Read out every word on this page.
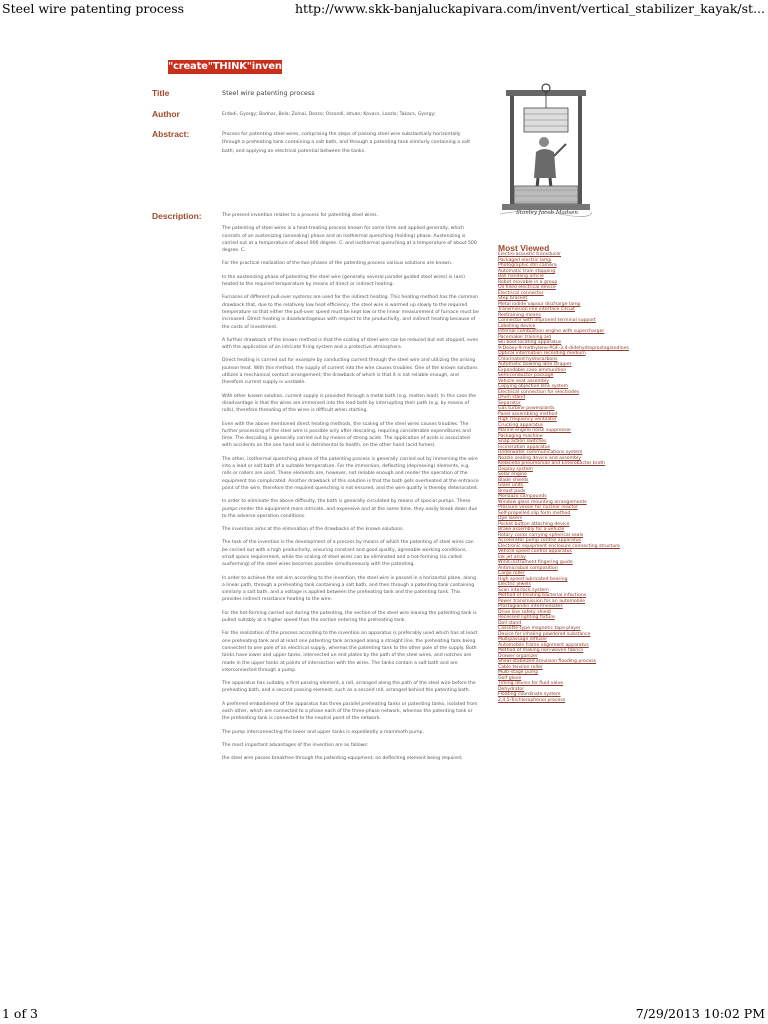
Steel wire patenting process	http://www.skk-banjaluckapivara.com/invent/vertical_stabilizer_kayak/st...
"create"THINK"invent"
Title	Steel wire patenting process
Author	Erdodi, Gyorgy; Bodnar, Bela; Zolnai, Dezso; Osrondi, Istvan; Kovacs, Laszlo; Takacs, Gyorgy;
Abstract:	Process for patenting steel wires, comprising the steps of passing steel wire substantially horizontally through a preheating tank containing a salt bath, and through a patenting tank similarly containing a salt bath; and applying an electrical potential between the tanks.
Description:	The present invention relates to a process for patenting steel wires.

The patenting of steel wires is a heat-treating process known for some time and applied generally, which consists of an austenizing (annealing) phase and an isothermal quenching (holding) phase. Austenizing is carried out at a temperature of about 900 degree. C. and isothermal quenching at a temperature of about 500 degree. C.

For the practical realization of the two phases of the patenting process various solutions are known.

In the austenizing phase of patenting the steel wire (generally several parallel guided steel wires) is (are) heated to the required temperature by means of direct or indirect heating.

Furnaces of different pull-over systems are used for the indirect heating. This heating method has the common drawback that, due to the relatively low heat efficiency, the steel wire is warmed up slowly to the required temperature so that either the pull-over speed must be kept low or the linear measurement of furnace must be increased. Direct heating is disadvantageous with respect to the productivity, and indirect heating because of the costs of investment.

A further drawback of the known method is that the scaling of steel wire can be reduced but not stopped, even with the application of an intricate firing system and a protective atmosphere.

Direct heating is carried out for example by conducting current through the steel wire and utilizing the arising Joulean heat. With this method, the supply of current into the wire causes troubles. One of the known solutions utilizes a mechanical contact arrangement; the drawback of which is that it is not reliable enough, and therefore current supply is unstable.

With other known solution, current supply is provided through a metal bath (e.g. molten lead). In this case the disadvantage is that the wires are immersed into the lead bath by interrupting their path (e.g. by means of rolls), therefore threading of the wires is difficult when starting.

Even with the above mentioned direct heating methods, the scaling of the steel wires causes troubles. The further processing of the steel wire is possible only after descaling, requiring considerable expenditures and time. The descaling is generally carried out by means of strong acids. The application of acids is associated with accidents on the one hand and is detrimental to health, on the other hand (acid fumes).

The other, isothermal quenching phase of the patenting process is generally carried out by immersing the wire into a lead or salt bath of a suitable temperature. For the immersion, deflecting (depressing) elements, e.g. rolls or rollers are used. These elements are, however, not reliable enough and render the operation of the equipment too complicated. Another drawback of this solution is that the bath gets overheated at the entrance point of the wire, therefore the required quenching is not ensured, and the wire quality is thereby deteriorated.

In order to eliminate the above difficulty, the bath is generally circulated by means of special pumps. These pumps render the equipment more intricate, and expensive and at the same time, they easily break down due to the adverse operation conditions.

The invention aims at the elimination of the drawbacks of the known solutions.

The task of the invention is the development of a process by means of which the patenting of steel wires can be carried out with a high productivity, ensuring constant and good quality, agreeable working conditions, small space requirement, while the scaling of steel wires can be eliminated and a hot-forming (so called ausforming) of the steel wires becomes possible simultaneously with the patenting.

In order to achieve the set aim according to the invention, the steel wire is passed in a horizontal plane, along a linear path, through a preheating tank containing a salt bath, and then through a patenting tank containing similarly a salt bath, and a voltage is applied between the preheating tank and the patenting tank. This provides indirect resistance heating to the wire.

For the hot-forming carried out during the patenting, the section of the steel wire leaving the patenting tank is pulled suitably at a higher speed than the section entering the preheating tank.

For the realization of the process according to the invention an apparatus is preferably used which has at least one preheating tank and at least one patenting tank arranged along a straight line, the preheating tank being connected to one pole of an electrical supply, whereas the patenting tank to the other pole of the supply. Both tanks have lower and upper tanks, intersected on end plates by the path of the steel wires, and notches are made in the upper tanks at points of intersection with the wires. The tanks contain a salt bath and are interconnected through a pump.

The apparatus has suitably a first passing element, a roll, arranged along the path of the steel wire before the preheating bath, and a second passing element, such as a second roll, arranged behind the patenting bath.

A preferred embodiment of the apparatus has three parallel preheating tanks or patenting tanks, isolated from each other, which are connected to a phase each of the three-phase network, whereas the patenting tank or the preheating tank is connected to the neutral point of the network.

The pump interconnecting the lower and upper tanks is expediently a mammoth pump.

The most important advantages of the invention are as follows:

the steel wire passes breakfree through the patenting equipment, no deflecting element being required;

Stanley Jacob Madsen
Most Viewed
Electro-acoustic transducer
Packaged electric lamp
Photographic still camera
Automatic train stopping
Ball handling article
Robot movable in a group
Oil filled electrical device
Electrical connector
Step bracket
Metal iodide vapour discharge lamp
Transmission line interface circuit
Restraining means
Connector with improved terminal support
Labelling device
Internal combustion engine with supercharger
Pacemaker training aid
Ski boot locating apparatus
9-Deoxy-9-methylene-PGF-3,4-didehydroprostaglandines
Optical information recording medium
Chlorinated hydrocarbons
Automatic bowling lane stripper
Expandable case ammunition
Semiconductor package
Vehicle seat assembly
Copying objective lens system
Electrical connection for electrodes
Drum stand
Separator
Gas turbine powerplants
Panel assembling method
High frequency ventilator
Crucking apparatus
Marine engine noise suppressor
Packaging machine
Snap action switches
Incineration apparatus
Underwater communications system
Nozzle sealing device and assembly
Klebsiella pneumoniae and Enterobacter broth
Display system
Solar engine
Blade shields
Glass units
Breast pads
Monoazo compounds
Window glass mounting arrangements
Pressure vessel for nuclear reactor
Self-propelled slip form method
Dye lasers
Pocket button attaching device
Brake assembly for a vehicle
Rotary cocks carrying spherical seals
Accelerator pump control apparatus
Electronic equipment enclosure connecting structure
Vehicle speed control apparatus
Ink jet array
Wind-instrument fingering guide
Antimicrobial composition
Cargo roller
High speed lubricated bearing
Electric jewels
Scan interlock system
Method of treating bacterial infections
Power transmission for an automobile
Prostaglandin intermediates
Drive line safety shield
Recessed lighting fixture
Doll stand
Cassette-type magnetic tape player
Device for inhaling powdered substance
Multipassage diffuser
Automobile frame alignment apparatus
Method of making non-woven fabrics
Drawer organizer
Shear-stabilized emulsion flooding process
Cable tension roller
Multi-stage pump
Golf glove
Timing device for fluid valve
Dehydrator
Floating coordinate system
2,4,5-Trichlorophenol process
1 of 3	7/29/2013 10:02 PM
